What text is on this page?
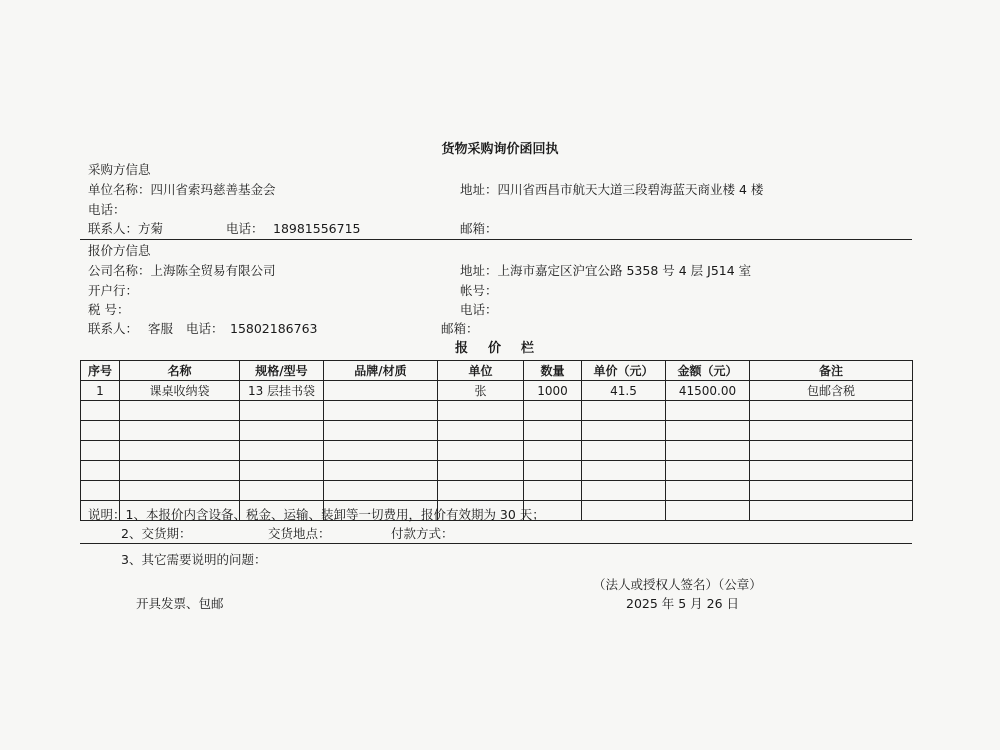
货物采购询价函回执
采购方信息
单位名称：四川省索玛慈善基金会	地址：四川省西昌市航天大道三段碧海蓝天商业楼 4 楼
电话：
联系人：方菊	电话： 18981556715	邮箱：
报价方信息
公司名称：上海陈全贸易有限公司	地址：上海市嘉定区沪宜公路 5358 号 4 层 J514 室
开户行：	帐号：
税 号：	电话：
联系人： 客服 电话： 15802186763	邮箱：
报 价 栏
序号	名称	规格/型号	品牌/材质	单位	数量	单价（元）	金额（元）	备注
1	课桌收纳袋	13 层挂书袋		张	1000	41.5	41500.00	包邮含税

说明：1、本报价内含设备、税金、运输、装卸等一切费用，报价有效期为 30 天；
2、交货期：	交货地点：	付款方式：
3、其它需要说明的问题：
（法人或授权人签名）（公章）
开具发票、包邮	2025 年 5 月 26 日
